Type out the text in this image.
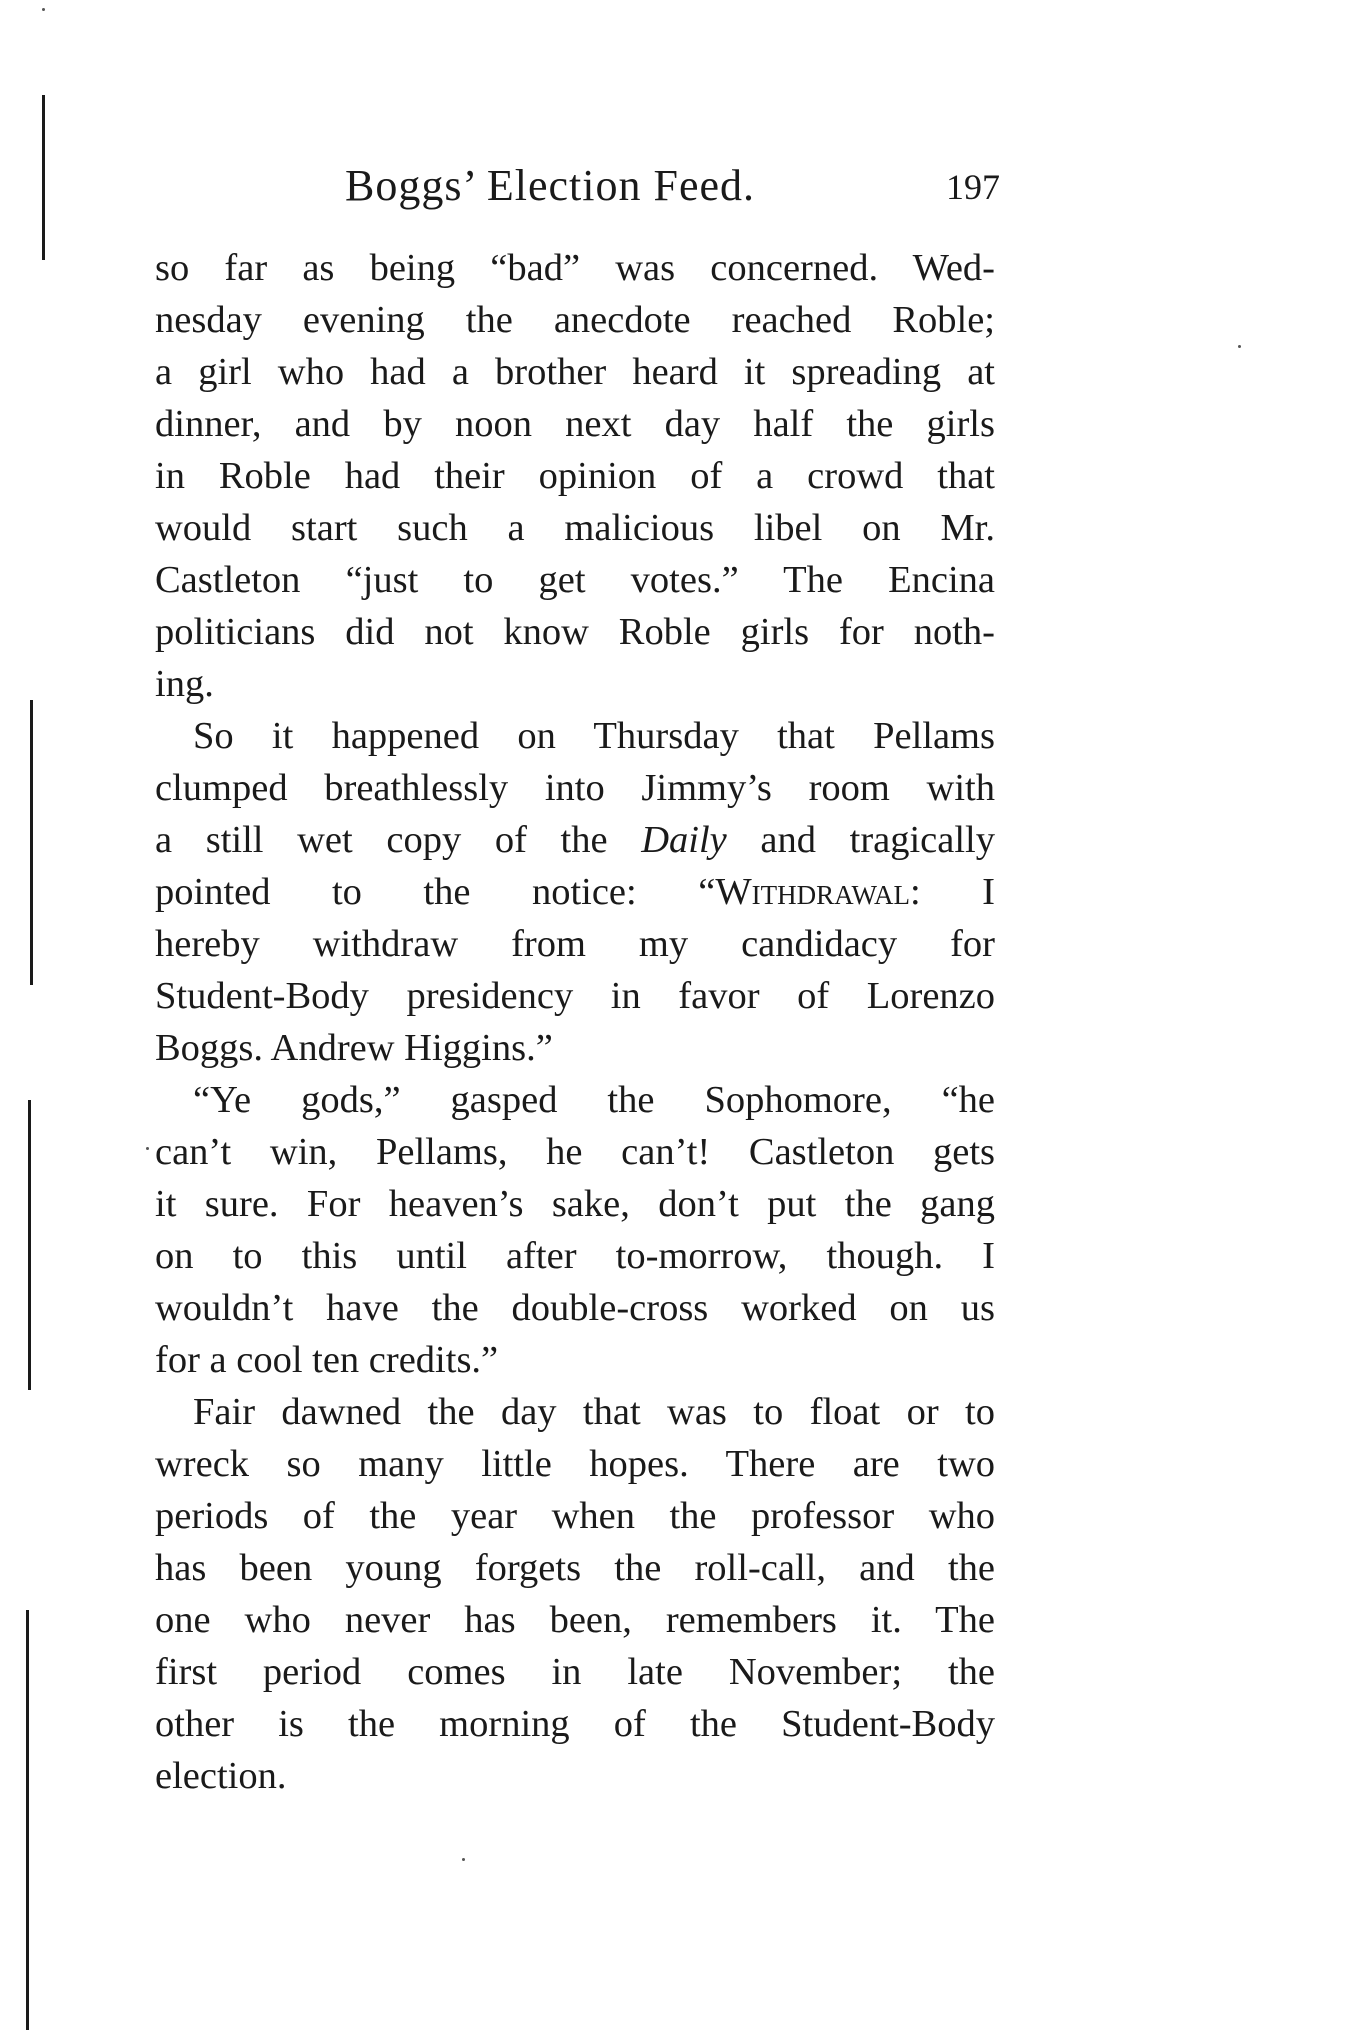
Boggs’ Election Feed.	197
so far as being “bad” was concerned. Wed-
nesday evening the anecdote reached Roble;
a girl who had a brother heard it spreading at
dinner, and by noon next day half the girls
in Roble had their opinion of a crowd that
would start such a malicious libel on Mr.
Castleton “just to get votes.” The Encina
politicians did not know Roble girls for noth-
ing.
So it happened on Thursday that Pellams
clumped breathlessly into Jimmy’s room with
a still wet copy of the Daily and tragically
pointed to the notice: “Withdrawal: I
hereby withdraw from my candidacy for
Student-Body presidency in favor of Lorenzo
Boggs. Andrew Higgins.”
“Ye gods,” gasped the Sophomore, “he
can’t win, Pellams, he can’t! Castleton gets
it sure. For heaven’s sake, don’t put the gang
on to this until after to-morrow, though. I
wouldn’t have the double-cross worked on us
for a cool ten credits.”
Fair dawned the day that was to float or to
wreck so many little hopes. There are two
periods of the year when the professor who
has been young forgets the roll-call, and the
one who never has been, remembers it. The
first period comes in late November; the
other is the morning of the Student-Body
election.
